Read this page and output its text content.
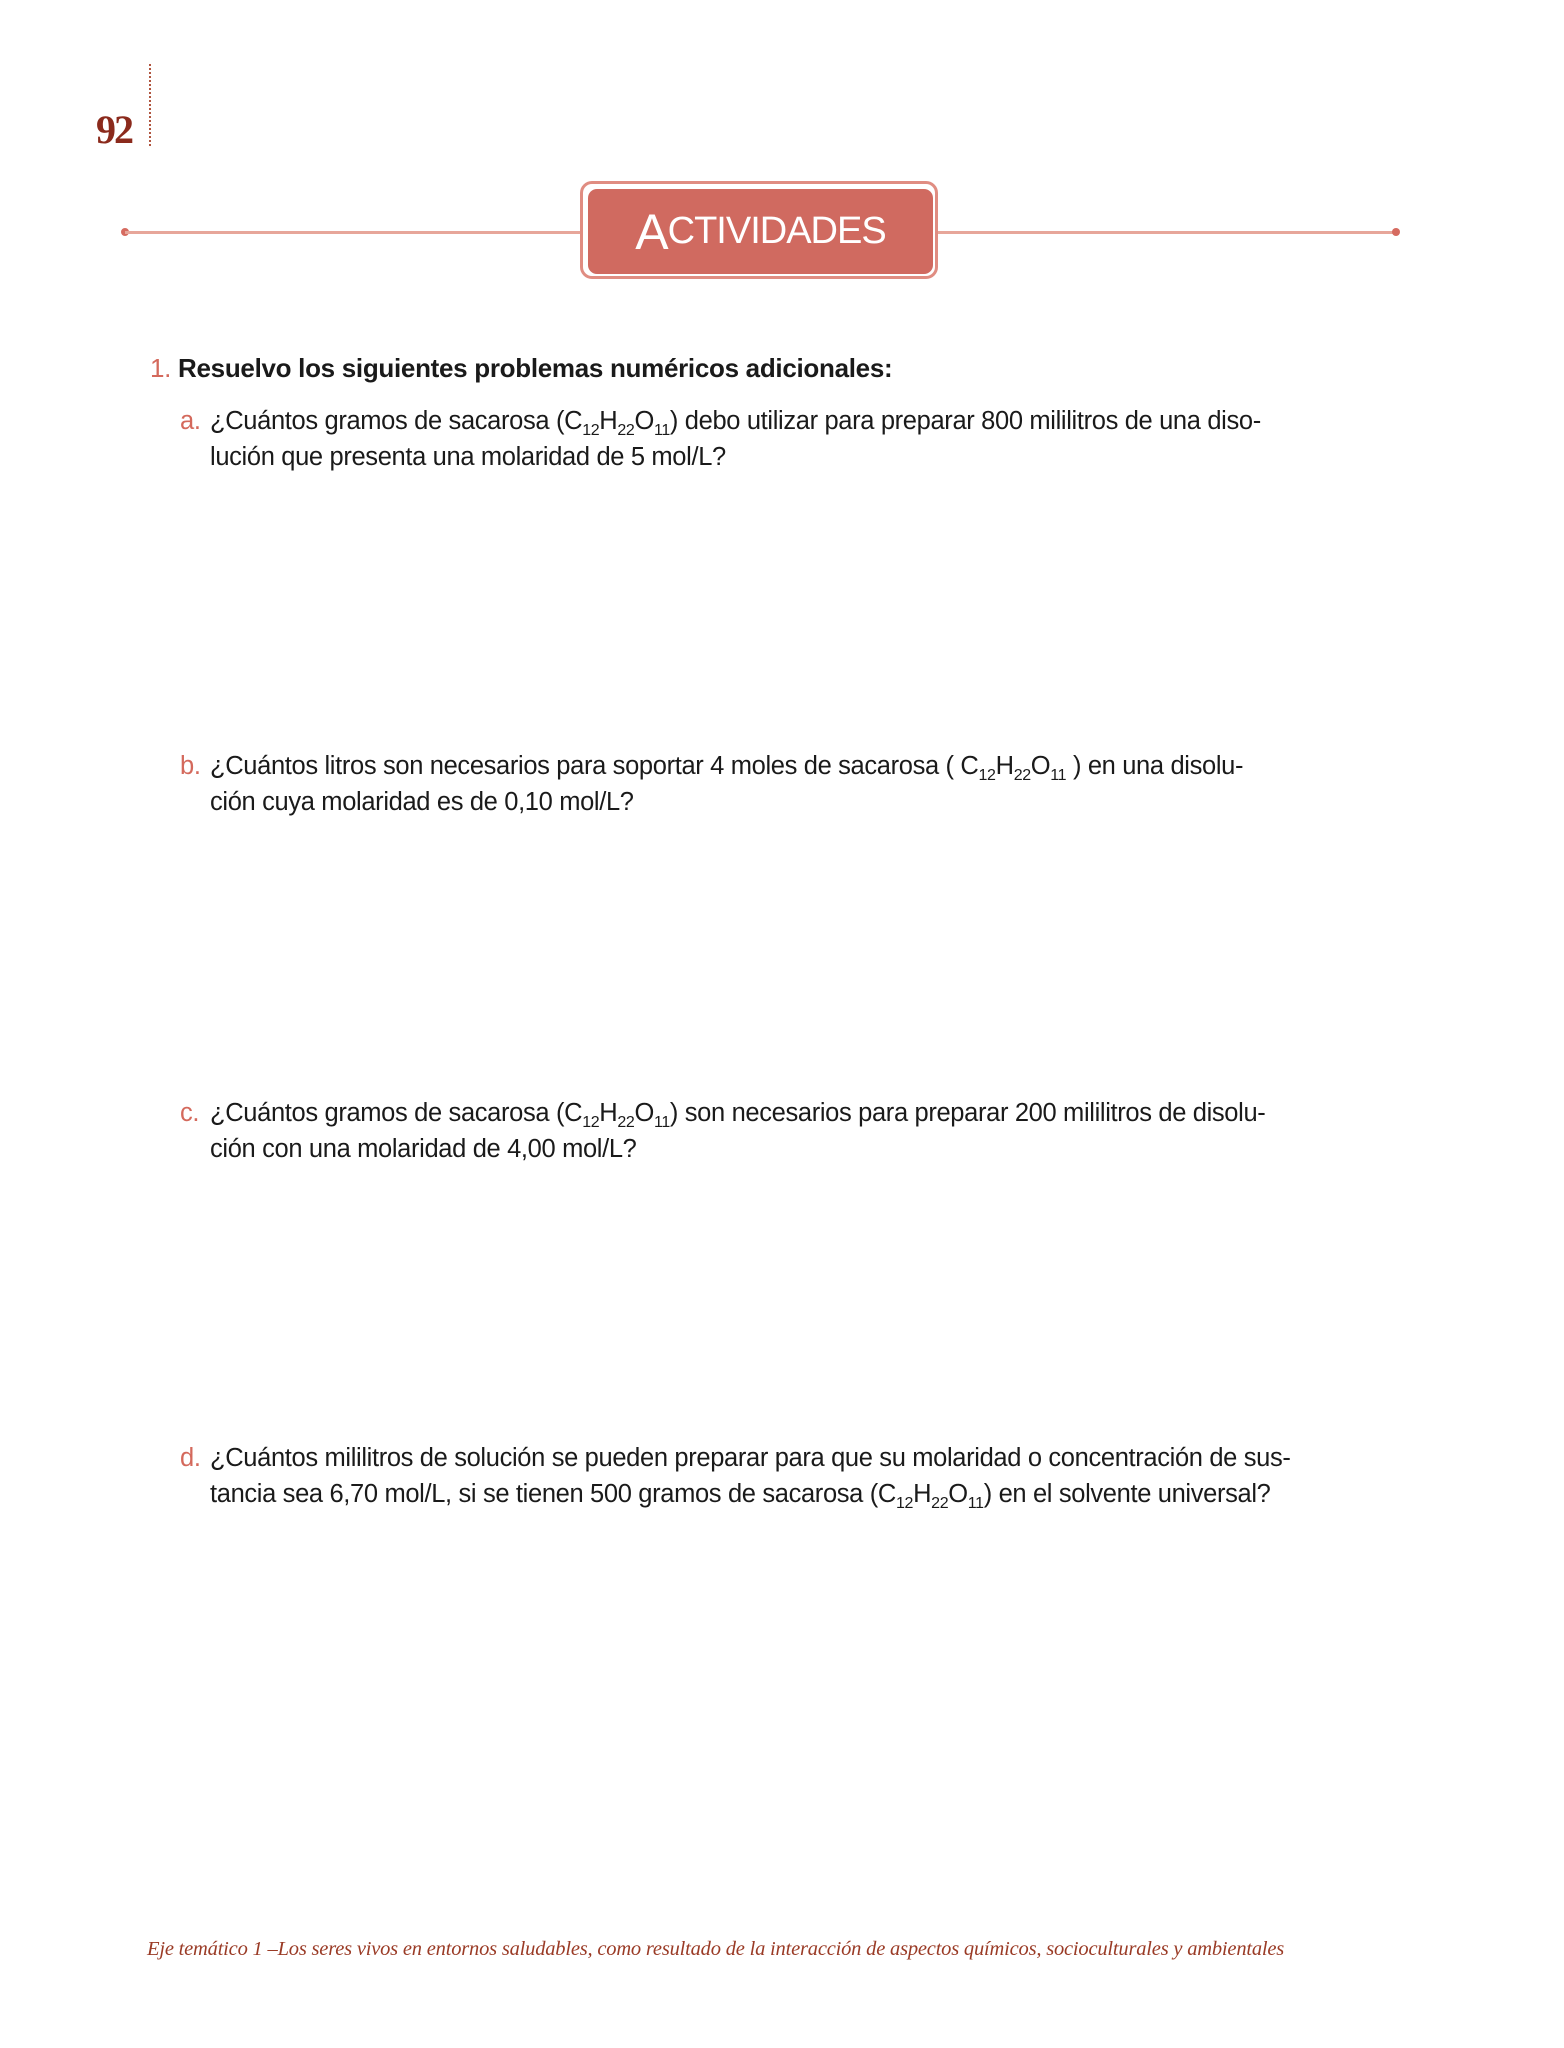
92
A CTIVIDADES
1. Resuelvo los siguientes problemas numéricos adicionales:
a. ¿Cuántos gramos de sacarosa $(C_{12}H_{22}O_{11})$ debo utilizar para preparar 800 mililitros de una diso-
lución que presenta una molaridad de 5 mol/L?
b. ¿Cuántos litros son necesarios para soportar 4 moles de sacarosa ( $C_{12}H_{22}O_{11}$ ) en una disolu-
ción cuya molaridad es de 0,10 mol/L?
c. ¿Cuántos gramos de sacarosa $(C_{12}H_{22}O_{11})$ son necesarios para preparar 200 mililitros de disolu-
ción con una molaridad de 4,00 mol/L?
d. ¿Cuántos mililitros de solución se pueden preparar para que su molaridad o concentración de sus-
tancia sea 6,70 mol/L, si se tienen 500 gramos de sacarosa $(C_{12}H_{22}O_{11})$ en el solvente universal?
Eje temático 1 –Los seres vivos en entornos saludables, como resultado de la interacción de aspectos químicos, socioculturales y ambientales
